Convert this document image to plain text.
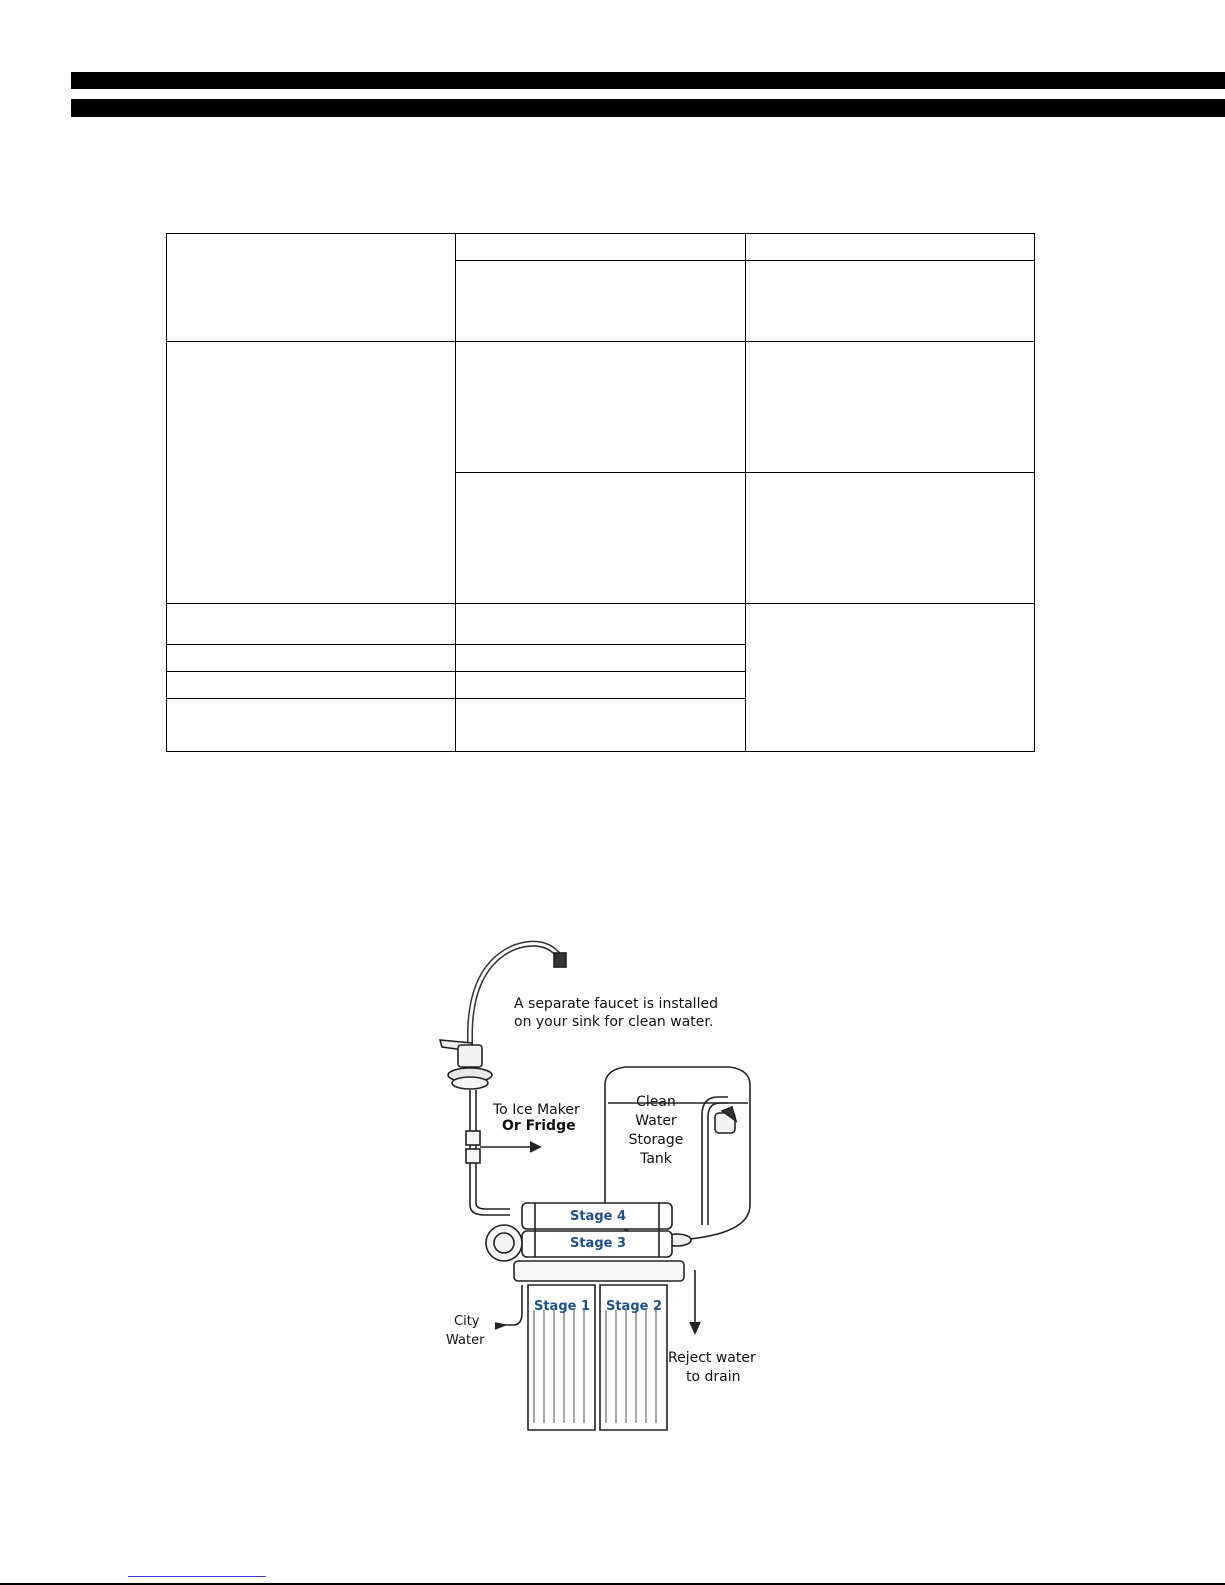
A separate faucet is installed
on your sink for clean water.
To Ice Maker
Or Fridge
Clean
Water
Storage
Tank
Stage 4
Stage 3
Stage 1 Stage 2
City
Water
Reject water
to drain
